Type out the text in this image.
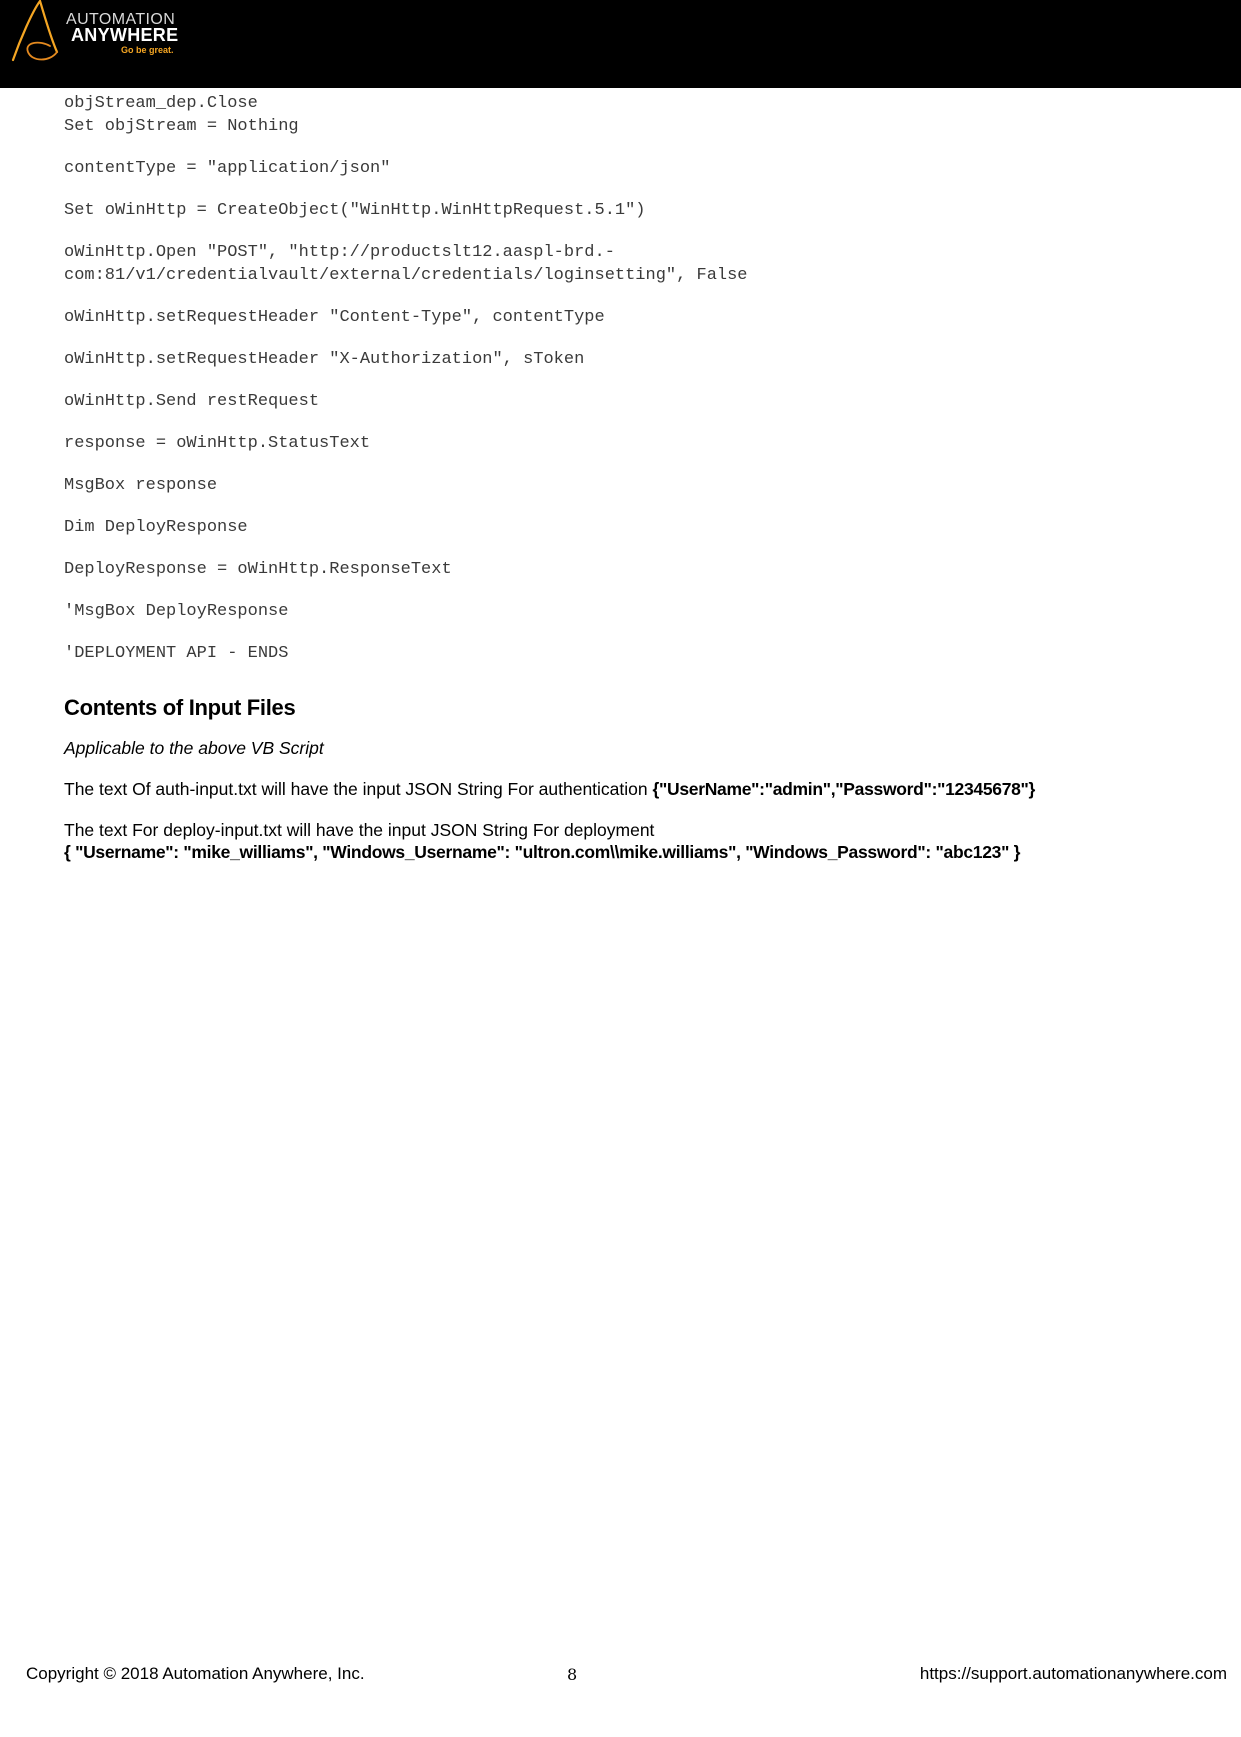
AUTOMATION
ANYWHERE
Go be great.
objStream_dep.Close
Set objStream = Nothing
contentType = "application/json"
Set oWinHttp = CreateObject("WinHttp.WinHttpRequest.5.1")
oWinHttp.Open "POST", "http://productslt12.aaspl-brd.-
com:81/v1/credentialvault/external/credentials/loginsetting", False
oWinHttp.setRequestHeader "Content-Type", contentType
oWinHttp.setRequestHeader "X-Authorization", sToken
oWinHttp.Send restRequest
response = oWinHttp.StatusText
MsgBox response
Dim DeployResponse
DeployResponse = oWinHttp.ResponseText
'MsgBox DeployResponse
'DEPLOYMENT API - ENDS
Contents of Input Files

Applicable to the above VB Script

The text Of auth-input.txt will have the input JSON String For authentication {"UserName":"admin","Password":"12345678"}

The text For deploy-input.txt will have the input JSON String For deployment
{ "Username": "mike_williams", "Windows_Username": "ultron.com\\mike.williams", "Windows_Password": "abc123" }

Copyright © 2018 Automation Anywhere, Inc.	8	https://support.automationanywhere.com
